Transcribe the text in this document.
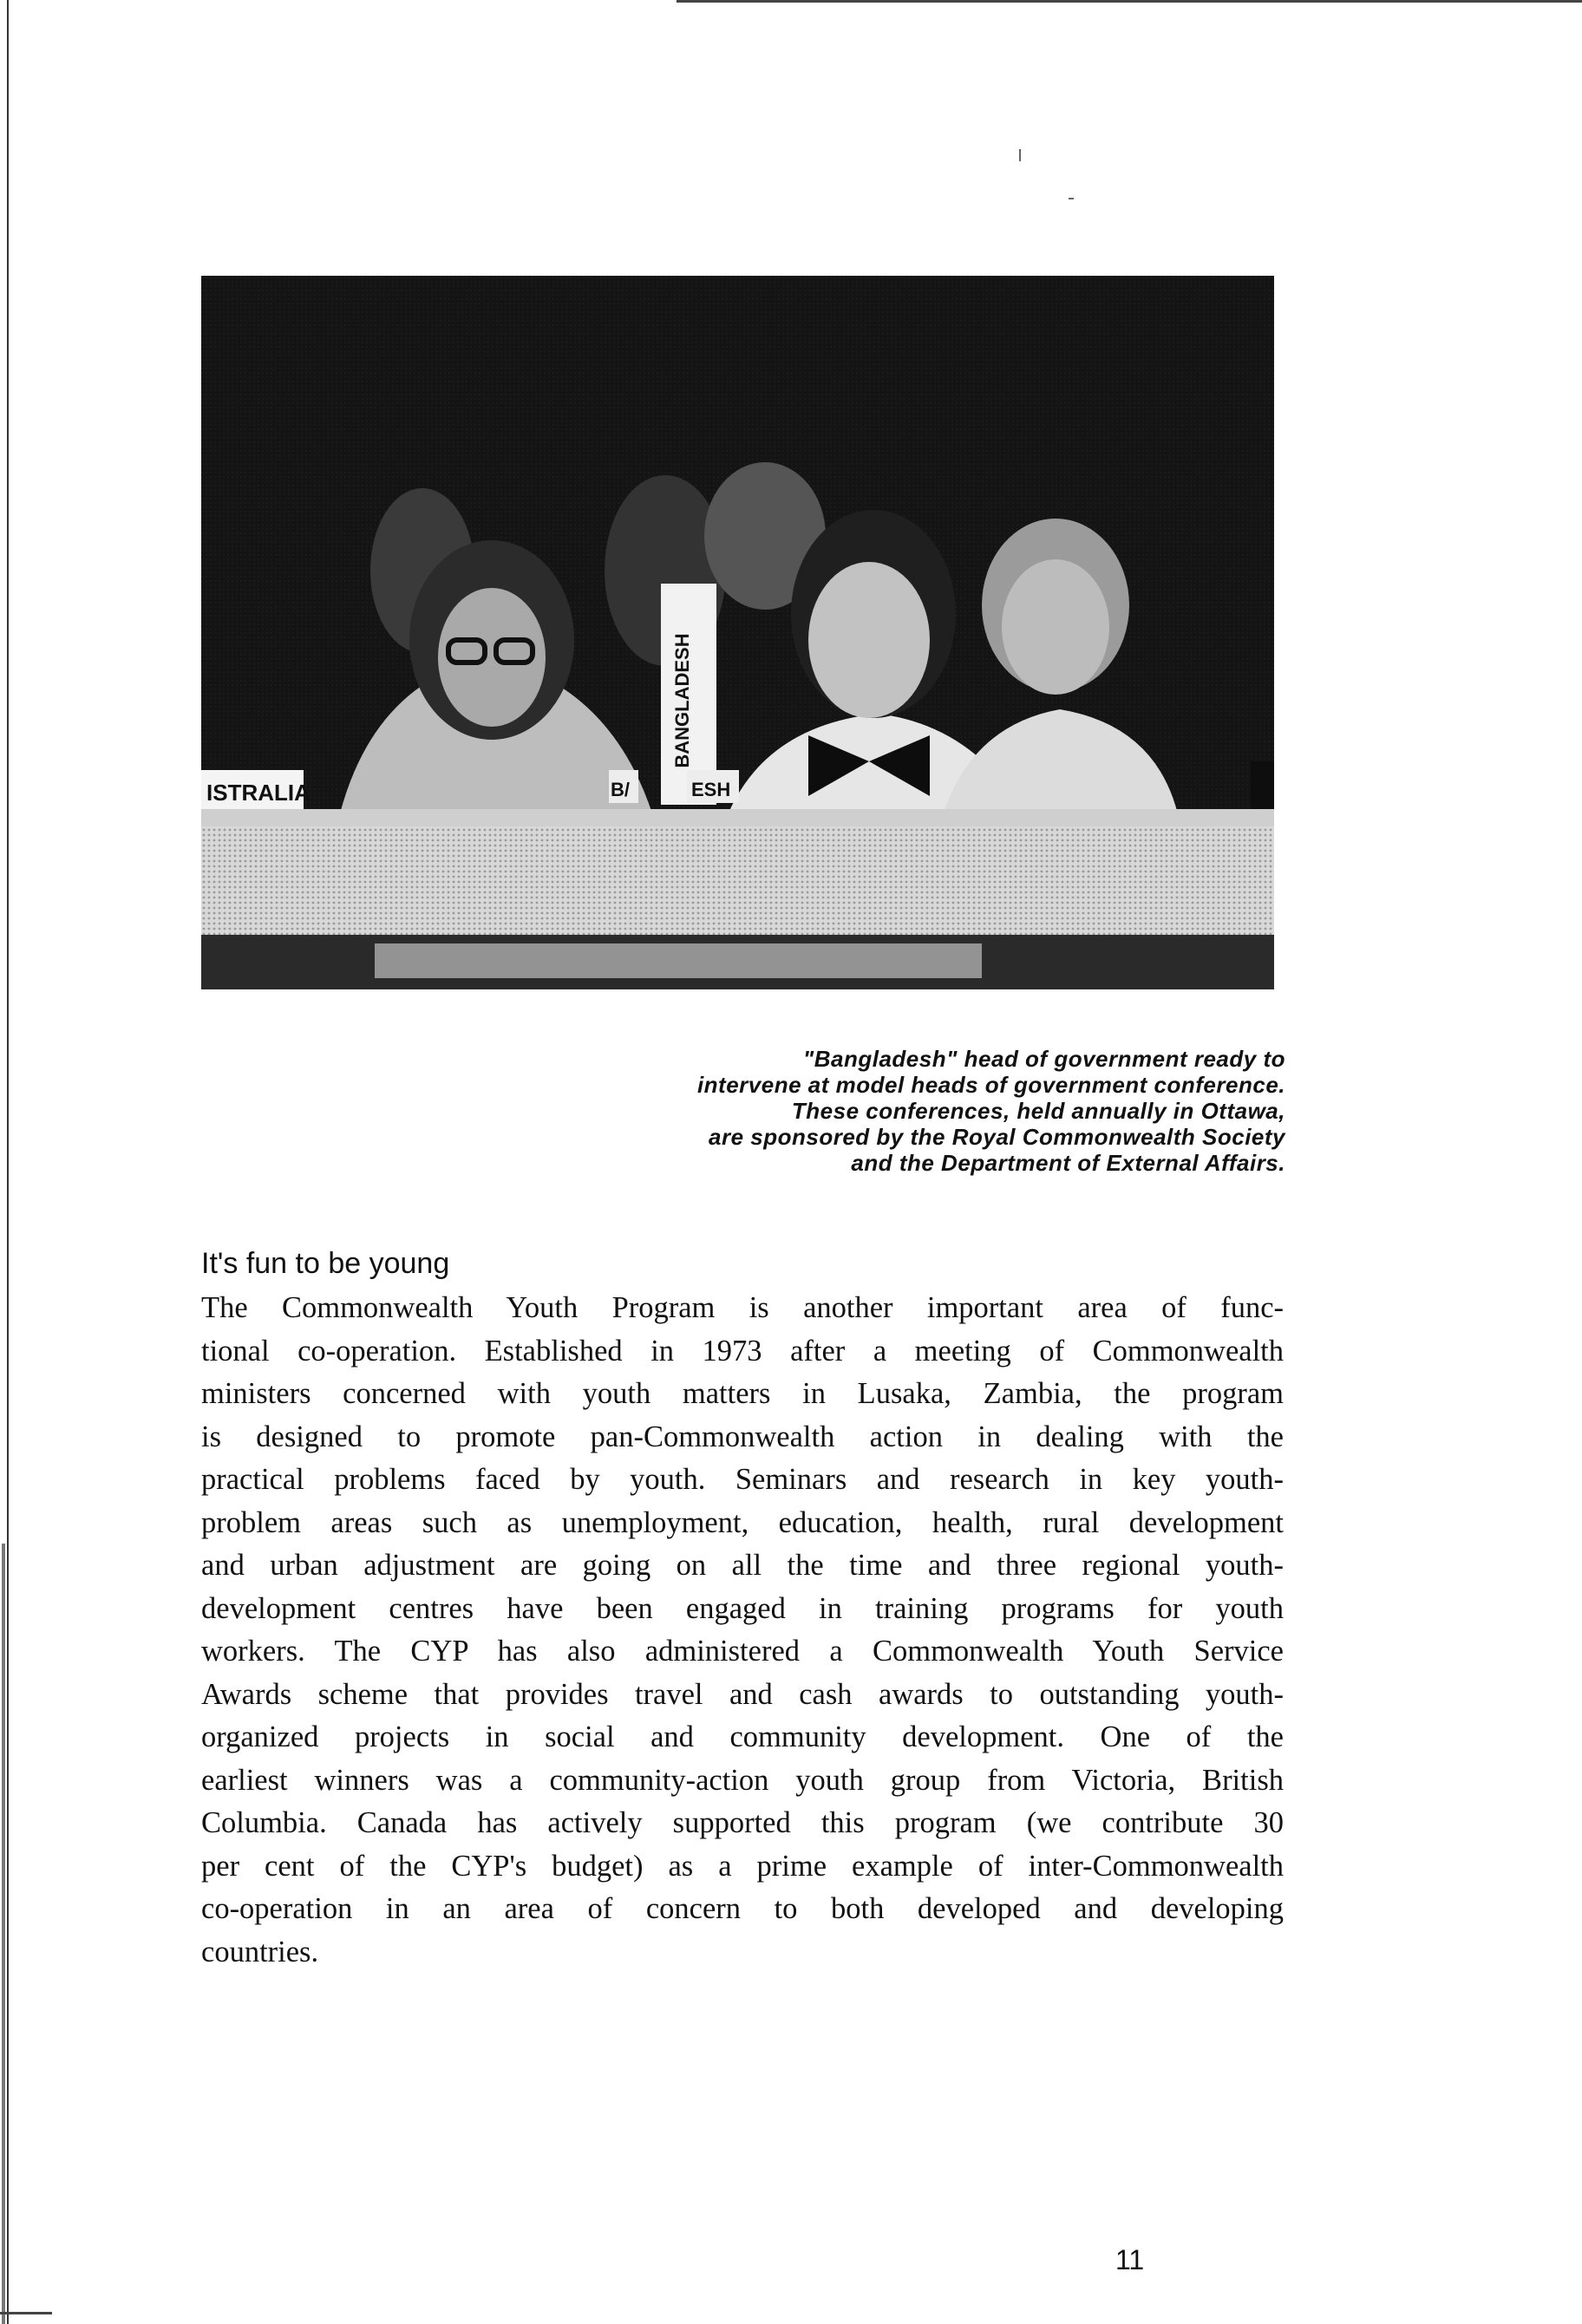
BANGLADESH
ISTRALIA	B/	ESH
"Bangladesh" head of government ready to
intervene at model heads of government conference.
These conferences, held annually in Ottawa,
are sponsored by the Royal Commonwealth Society
and the Department of External Affairs.
It's fun to be young
The Commonwealth Youth Program is another important area of func-
tional co-operation. Established in 1973 after a meeting of Commonwealth
ministers concerned with youth matters in Lusaka, Zambia, the program
is designed to promote pan-Commonwealth action in dealing with the
practical problems faced by youth. Seminars and research in key youth-
problem areas such as unemployment, education, health, rural development
and urban adjustment are going on all the time and three regional youth-
development centres have been engaged in training programs for youth
workers. The CYP has also administered a Commonwealth Youth Service
Awards scheme that provides travel and cash awards to outstanding youth-
organized projects in social and community development. One of the
earliest winners was a community-action youth group from Victoria, British
Columbia. Canada has actively supported this program (we contribute 30
per cent of the CYP's budget) as a prime example of inter-Commonwealth
co-operation in an area of concern to both developed and developing
countries.
11
